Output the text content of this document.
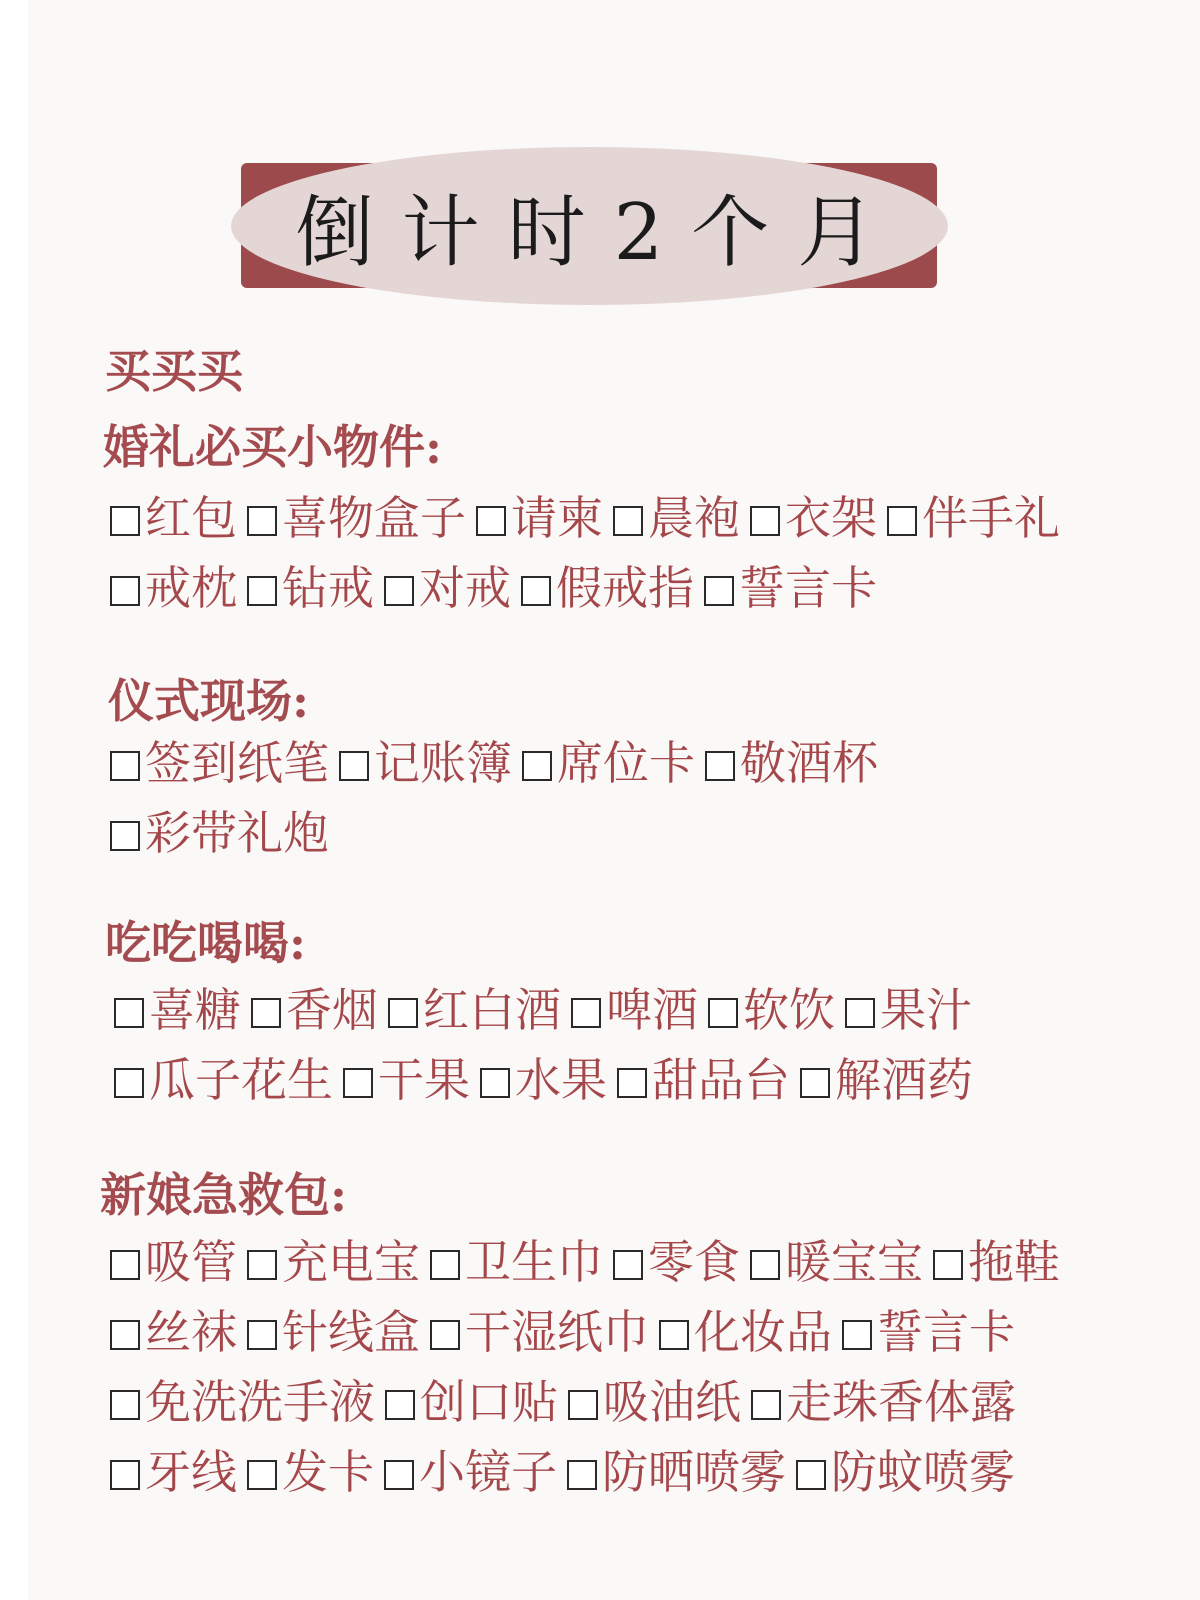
倒计时2个月
买买买
婚礼必买小物件:
红包 喜物盒子 请柬 晨袍 衣架 伴手礼
戒枕 钻戒 对戒 假戒指 誓言卡
仪式现场:
签到纸笔 记账簿 席位卡 敬酒杯
彩带礼炮
吃吃喝喝:
喜糖 香烟 红白酒 啤酒 软饮 果汁
瓜子花生 干果 水果 甜品台 解酒药
新娘急救包:
吸管 充电宝 卫生巾 零食 暖宝宝 拖鞋
丝袜 针线盒 干湿纸巾 化妆品 誓言卡
免洗洗手液 创口贴 吸油纸 走珠香体露
牙线 发卡 小镜子 防晒喷雾 防蚊喷雾
